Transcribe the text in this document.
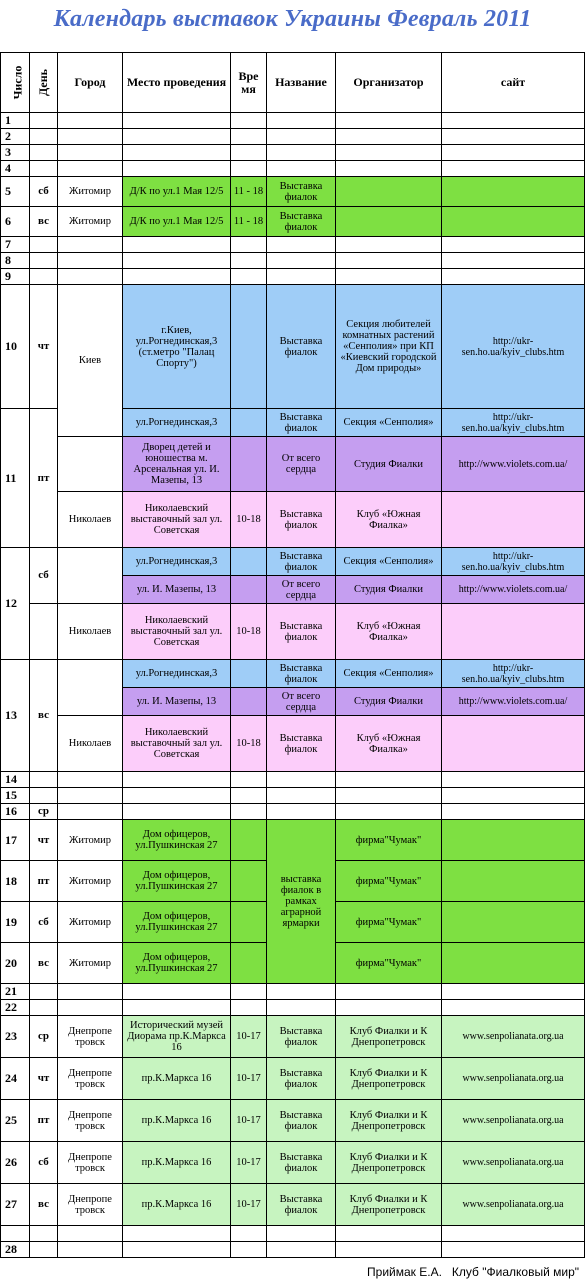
Календарь выставок Украины Февраль 2011
Число	День	Город	Место проведения	Вре мя	Название	Организатор	сайт
1							
2							
3							
4							
5	сб	Житомир	Д/К по ул.1 Мая 12/5	11 - 18	Выставка фиалок		
6	вс	Житомир	Д/К по ул.1 Мая 12/5	11 - 18	Выставка фиалок		
7							
8							
9							
10	чт	Киев	г.Киев, ул.Рогнединская,3 (ст.метро "Палац Спорту")		Выставка фиалок	Секция любителей комнатных растений «Сенполия» при КП «Киевский городской Дом природы»	http://ukr-sen.ho.ua/kyiv_clubs.htm
11	пт		ул.Рогнединская,3		Выставка фиалок	Секция «Сенполия»	http://ukr-sen.ho.ua/kyiv_clubs.htm
			Дворец детей и юношества м. Арсенальная ул. И. Мазепы, 13		От всего сердца	Студия Фиалки	http://www.violets.com.ua/
		Николаев	Николаевский выставочный зал ул. Советская	10-18	Выставка фиалок	Клуб «Южная Фиалка»	
12	сб		ул.Рогнединская,3		Выставка фиалок	Секция «Сенполия»	http://ukr-sen.ho.ua/kyiv_clubs.htm
			ул. И. Мазепы, 13		От всего сердца	Студия Фиалки	http://www.violets.com.ua/
		Николаев	Николаевский выставочный зал ул. Советская	10-18	Выставка фиалок	Клуб «Южная Фиалка»	
13	вс		ул.Рогнединская,3		Выставка фиалок	Секция «Сенполия»	http://ukr-sen.ho.ua/kyiv_clubs.htm
			ул. И. Мазепы, 13		От всего сердца	Студия Фиалки	http://www.violets.com.ua/
		Николаев	Николаевский выставочный зал ул. Советская	10-18	Выставка фиалок	Клуб «Южная Фиалка»	
14							
15							
16	ср						
17	чт	Житомир	Дом офицеров, ул.Пушкинская 27		выставка фиалок в рамках аграрной ярмарки	фирма"Чумак"	
18	пт	Житомир	Дом офицеров, ул.Пушкинская 27			фирма"Чумак"	
19	сб	Житомир	Дом офицеров, ул.Пушкинская 27			фирма"Чумак"	
20	вс	Житомир	Дом офицеров, ул.Пушкинская 27			фирма"Чумак"	
21							
22							
23	ср	Днепропе тровск	Исторический музей Диорама пр.К.Маркса 16	10-17	Выставка фиалок	Клуб Фиалки и К Днепропетровск	www.senpolianata.org.ua
24	чт	Днепропе тровск	пр.К.Маркса 16	10-17	Выставка фиалок	Клуб Фиалки и К Днепропетровск	www.senpolianata.org.ua
25	пт	Днепропе тровск	пр.К.Маркса 16	10-17	Выставка фиалок	Клуб Фиалки и К Днепропетровск	www.senpolianata.org.ua
26	сб	Днепропе тровск	пр.К.Маркса 16	10-17	Выставка фиалок	Клуб Фиалки и К Днепропетровск	www.senpolianata.org.ua
27	вс	Днепропе тровск	пр.К.Маркса 16	10-17	Выставка фиалок	Клуб Фиалки и К Днепропетровск	www.senpolianata.org.ua

28							
Приймак Е.А.   Клуб "Фиалковый мир"
